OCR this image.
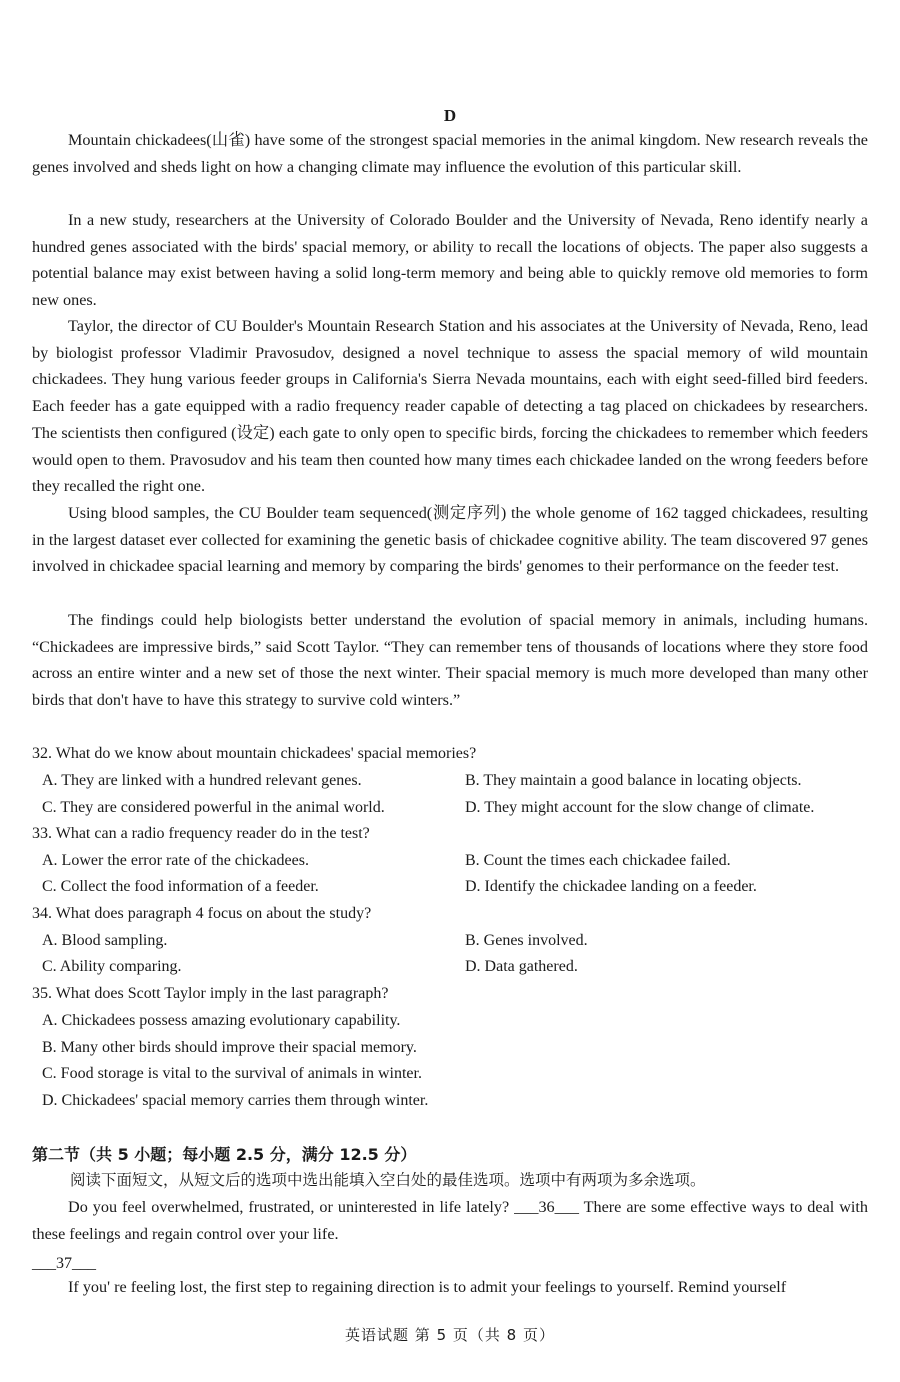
D

Mountain chickadees(山雀) have some of the strongest spacial memories in the animal kingdom. New research reveals the genes involved and sheds light on how a changing climate may influence the evolution of this particular skill.

In a new study, researchers at the University of Colorado Boulder and the University of Nevada, Reno identify nearly a hundred genes associated with the birds' spacial memory, or ability to recall the locations of objects. The paper also suggests a potential balance may exist between having a solid long-term memory and being able to quickly remove old memories to form new ones.

Taylor, the director of CU Boulder's Mountain Research Station and his associates at the University of Nevada, Reno, lead by biologist professor Vladimir Pravosudov, designed a novel technique to assess the spacial memory of wild mountain chickadees. They hung various feeder groups in California's Sierra Nevada mountains, each with eight seed-filled bird feeders. Each feeder has a gate equipped with a radio frequency reader capable of detecting a tag placed on chickadees by researchers. The scientists then configured (设定) each gate to only open to specific birds, forcing the chickadees to remember which feeders would open to them. Pravosudov and his team then counted how many times each chickadee landed on the wrong feeders before they recalled the right one.

Using blood samples, the CU Boulder team sequenced(测定序列) the whole genome of 162 tagged chickadees, resulting in the largest dataset ever collected for examining the genetic basis of chickadee cognitive ability. The team discovered 97 genes involved in chickadee spacial learning and memory by comparing the birds' genomes to their performance on the feeder test.

The findings could help biologists better understand the evolution of spacial memory in animals, including humans. “Chickadees are impressive birds,” said Scott Taylor. “They can remember tens of thousands of locations where they store food across an entire winter and a new set of those the next winter. Their spacial memory is much more developed than many other birds that don't have to have this strategy to survive cold winters.”

32. What do we know about mountain chickadees' spacial memories?
A. They are linked with a hundred relevant genes.	B. They maintain a good balance in locating objects.
C. They are considered powerful in the animal world.	D. They might account for the slow change of climate.
33. What can a radio frequency reader do in the test?
A. Lower the error rate of the chickadees.	B. Count the times each chickadee failed.
C. Collect the food information of a feeder.	D. Identify the chickadee landing on a feeder.
34. What does paragraph 4 focus on about the study?
A. Blood sampling.	B. Genes involved.
C. Ability comparing.	D. Data gathered.
35. What does Scott Taylor imply in the last paragraph?
A. Chickadees possess amazing evolutionary capability.
B. Many other birds should improve their spacial memory.
C. Food storage is vital to the survival of animals in winter.
D. Chickadees' spacial memory carries them through winter.
第二节（共 5 小题；每小题 2.5 分，满分 12.5 分）
阅读下面短文，从短文后的选项中选出能填入空白处的最佳选项。选项中有两项为多余选项。

Do you feel overwhelmed, frustrated, or uninterested in life lately? ___36___ There are some effective ways to deal with these feelings and regain control over your life.

___37___

If you' re feeling lost, the first step to regaining direction is to admit your feelings to yourself. Remind yourself

英语试题 第 5 页（共 8 页）
